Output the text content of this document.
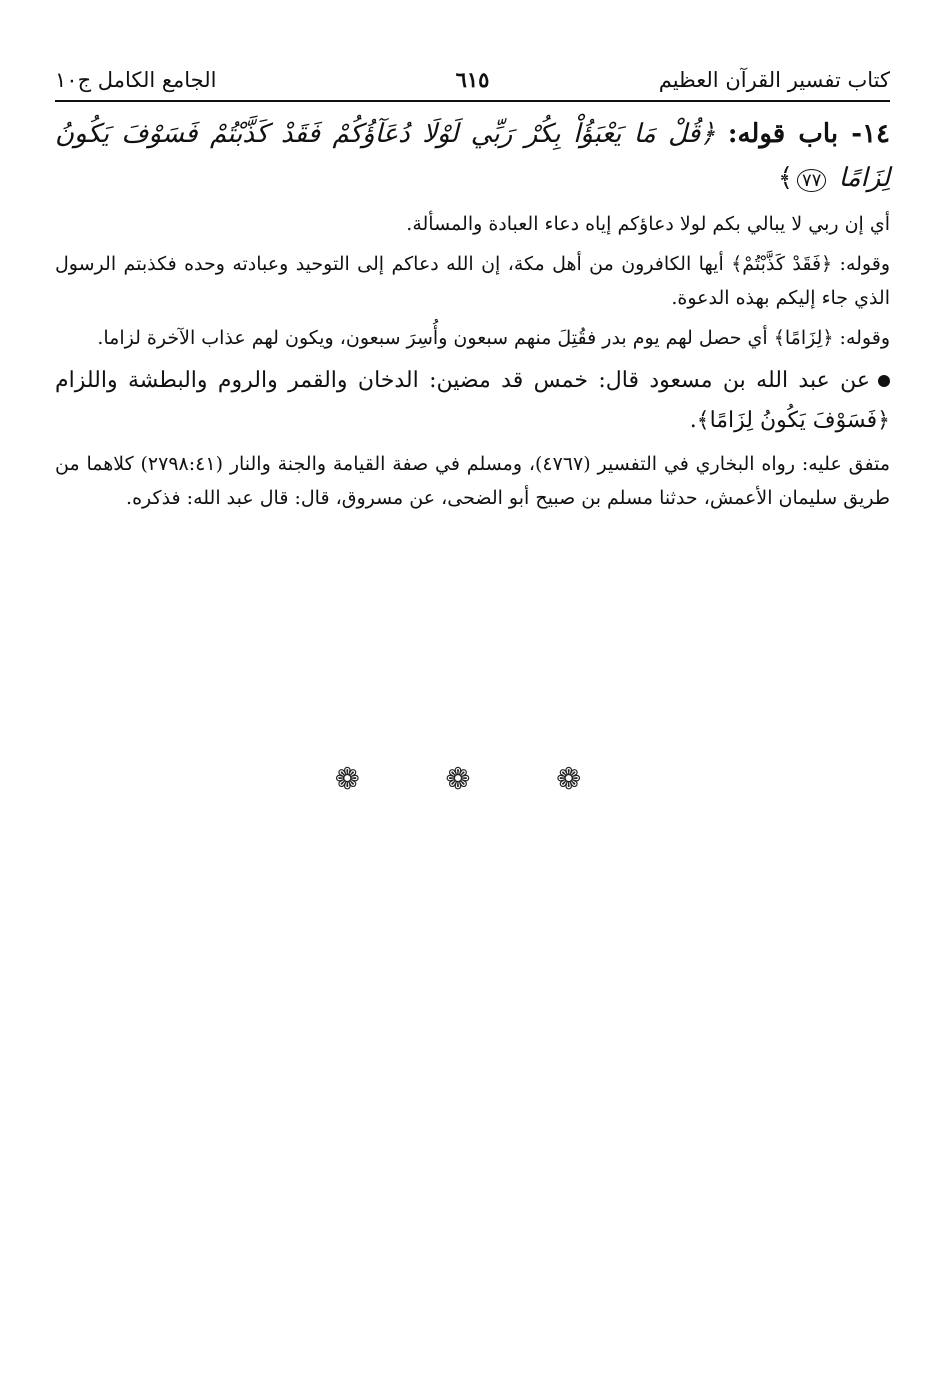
كتاب تفسير القرآن العظيم
٦١٥
الجامع الكامل ج١٠
١٤- باب قوله: ﴿قُلْ مَا يَعْبَؤُاْ بِكُرْ رَبِّي لَوْلَا دُعَآؤُكُمْ فَقَدْ كَذَّبْتُمْ فَسَوْفَ يَكُونُ لِزَامًا ٧٧﴾

أي إن ربي لا يبالي بكم لولا دعاؤكم إياه دعاء العبادة والمسألة.

وقوله: ﴿فَقَدْ كَذَّبْتُمْ﴾ أيها الكافرون من أهل مكة، إن الله دعاكم إلى التوحيد وعبادته وحده فكذبتم الرسول الذي جاء إليكم بهذه الدعوة.

وقوله: ﴿لِزَامًا﴾ أي حصل لهم يوم بدر فقُتِلَ منهم سبعون وأُسِرَ سبعون، ويكون لهم عذاب الآخرة لزاما.

عن عبد الله بن مسعود قال: خمس قد مضين: الدخان والقمر والروم والبطشة واللزام ﴿فَسَوْفَ يَكُونُ لِزَامًا﴾.

متفق عليه: رواه البخاري في التفسير (٤٧٦٧)، ومسلم في صفة القيامة والجنة والنار (٢٧٩٨:٤١) كلاهما من طريق سليمان الأعمش، حدثنا مسلم بن صبيح أبو الضحى، عن مسروق، قال: قال عبد الله: فذكره.

❁ ❁ ❁
